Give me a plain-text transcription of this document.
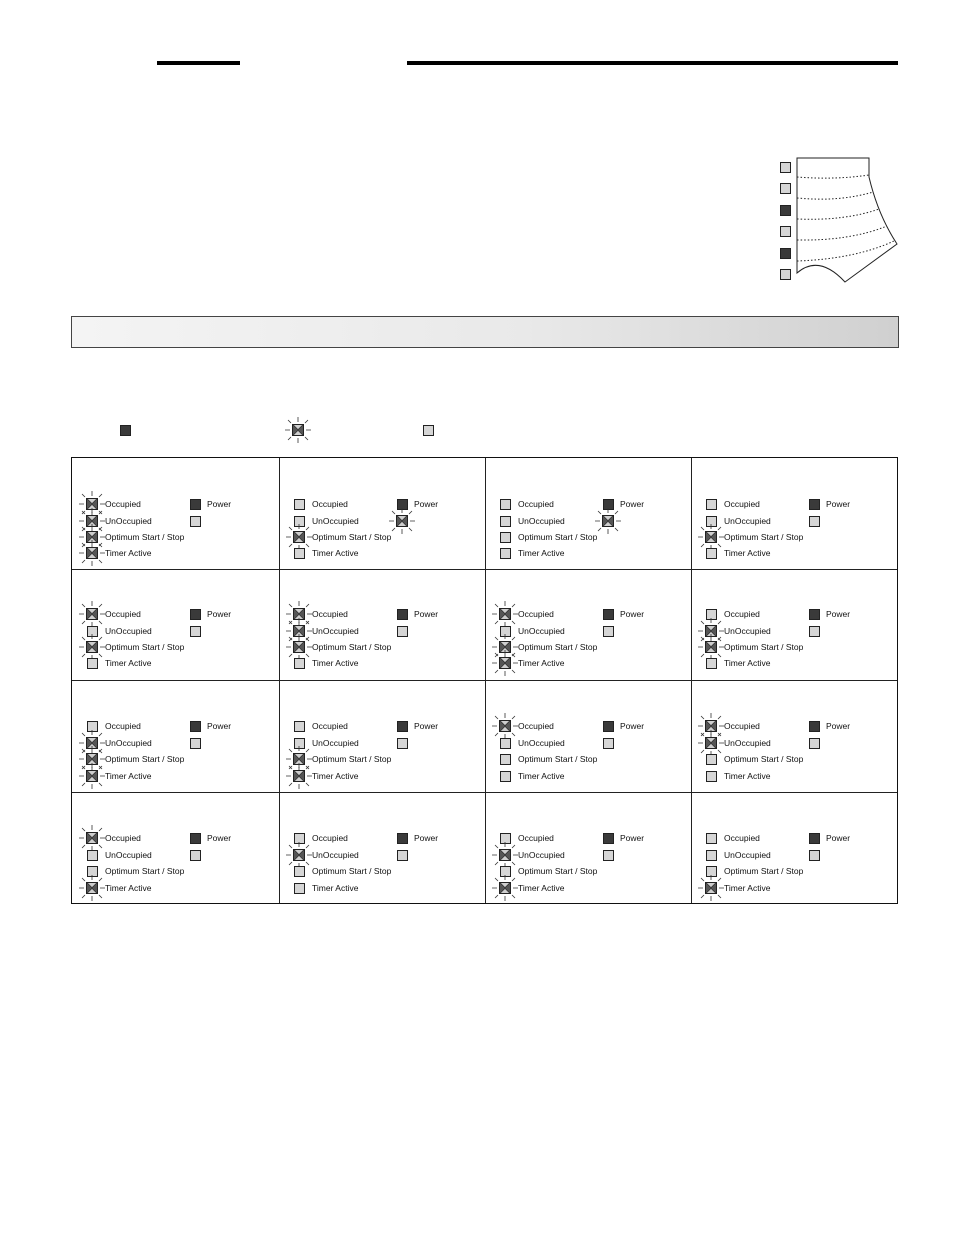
Occupied
UnOccupied
Optimum Start / Stop
Timer Active
Power	Occupied
UnOccupied
Optimum Start / Stop
Timer Active
Power	Occupied
UnOccupied
Optimum Start / Stop
Timer Active
Power	Occupied
UnOccupied
Optimum Start / Stop
Timer Active
Power
Occupied
UnOccupied
Optimum Start / Stop
Timer Active
Power	Occupied
UnOccupied
Optimum Start / Stop
Timer Active
Power	Occupied
UnOccupied
Optimum Start / Stop
Timer Active
Power	Occupied
UnOccupied
Optimum Start / Stop
Timer Active
Power
Occupied
UnOccupied
Optimum Start / Stop
Timer Active
Power	Occupied
UnOccupied
Optimum Start / Stop
Timer Active
Power	Occupied
UnOccupied
Optimum Start / Stop
Timer Active
Power	Occupied
UnOccupied
Optimum Start / Stop
Timer Active
Power
Occupied
UnOccupied
Optimum Start / Stop
Timer Active
Power	Occupied
UnOccupied
Optimum Start / Stop
Timer Active
Power	Occupied
UnOccupied
Optimum Start / Stop
Timer Active
Power	Occupied
UnOccupied
Optimum Start / Stop
Timer Active
Power
